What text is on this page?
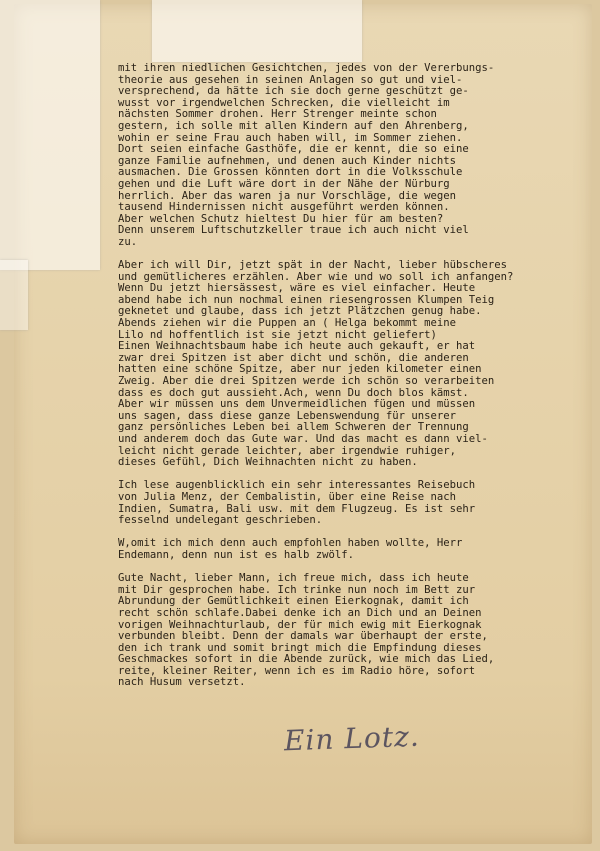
mit ihren niedlichen Gesichtchen, jedes von der Vererbungs-
theorie aus gesehen in seinen Anlagen so gut und viel-
versprechend, da hätte ich sie doch gerne geschützt ge-
wusst vor irgendwelchen Schrecken, die vielleicht im
nächsten Sommer drohen. Herr Strenger meinte schon
gestern, ich solle mit allen Kindern auf den Ahrenberg,
wohin er seine Frau auch haben will, im Sommer ziehen.
Dort seien einfache Gasthöfe, die er kennt, die so eine
ganze Familie aufnehmen, und denen auch Kinder nichts
ausmachen. Die Grossen könnten dort in die Volksschule
gehen und die Luft wäre dort in der Nähe der Nürburg
herrlich. Aber das waren ja nur Vorschläge, die wegen
tausend Hindernissen nicht ausgeführt werden können.
Aber welchen Schutz hieltest Du hier für am besten?
Denn unserem Luftschutzkeller traue ich auch nicht viel
zu.
Aber ich will Dir, jetzt spät in der Nacht, lieber hübscheres
und gemütlicheres erzählen. Aber wie und wo soll ich anfangen?
Wenn Du jetzt hiersässest, wäre es viel einfacher. Heute
abend habe ich nun nochmal einen riesengrossen Klumpen Teig
geknetet und glaube, dass ich jetzt Plätzchen genug habe.
Abends ziehen wir die Puppen an ( Helga bekommt meine
Lilo nd hoffentlich ist sie jetzt nicht geliefert)
Einen Weihnachtsbaum habe ich heute auch gekauft, er hat
zwar drei Spitzen ist aber dicht und schön, die anderen
hatten eine schöne Spitze, aber nur jeden kilometer einen
Zweig. Aber die drei Spitzen werde ich schön so verarbeiten
dass es doch gut aussieht.Ach, wenn Du doch blos kämst.
Aber wir müssen uns dem Unvermeidlichen fügen und müssen
uns sagen, dass diese ganze Lebenswendung für unserer
ganz persönliches Leben bei allem Schweren der Trennung
und anderem doch das Gute war. Und das macht es dann viel-
leicht nicht gerade leichter, aber irgendwie ruhiger,
dieses Gefühl, Dich Weihnachten nicht zu haben.
Ich lese augenblicklich ein sehr interessantes Reisebuch
von Julia Menz, der Cembalistin, über eine Reise nach
Indien, Sumatra, Bali usw. mit dem Flugzeug. Es ist sehr
fesselnd undelegant geschrieben.
W,omit ich mich denn auch empfohlen haben wollte, Herr
Endemann, denn nun ist es halb zwölf.
Gute Nacht, lieber Mann, ich freue mich, dass ich heute
mit Dir gesprochen habe. Ich trinke nun noch im Bett zur
Abrundung der Gemütlichkeit einen Eierkognak, damit ich
recht schön schlafe.Dabei denke ich an Dich und an Deinen
vorigen Weihnachturlaub, der für mich ewig mit Eierkognak
verbunden bleibt. Denn der damals war überhaupt der erste,
den ich trank und somit bringt mich die Empfindung dieses
Geschmackes sofort in die Abende zurück, wie mich das Lied,
reite, kleiner Reiter, wenn ich es im Radio höre, sofort
nach Husum versetzt.
Ein Lotz.
